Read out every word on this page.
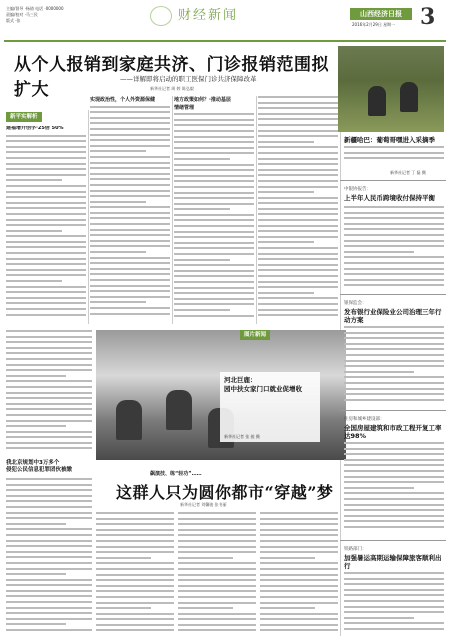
主编/督导 ·杨倩 电话 ·0000000
责编/校对 ·马三民
版式 ·张	财经新闻	山西经济日报
2016年2月29日 星期一 3
从个人报销到家庭共济、门诊报销范围拟扩大
——详解即将启动的职工医保门诊共济保障改革
新华社记者 周 婷 陈弘毅
新平实解析
建福增开创学·25倍 50%
实现政治性，个人外资源保健	地方政策如何？·推动基层
情绪管理
图片新闻
河北巨鹿：
园中扶女家门口就业促增收
新华社记者 张 骏 摄
我北京规划中3万多个
侵犯公民信息犯罪团伙被缴
飙演技、练“轻功”……
这群人只为圆你都市“穿越”梦
新华社记者 刘馨骏 张书丽
新疆哈巴：葡萄哥嘿进入采摘季
新华社记者 丁 磊 摄
中银协报告：
上半年人民币跨境收付保持平衡
银保监会：
发布银行业保险业公司治理三年行动方案
住房和城乡建设部：
全国房屋建筑和市政工程开复工率达98%
铁路部门：
加强暑运高期运输保障旅客顺利出行
